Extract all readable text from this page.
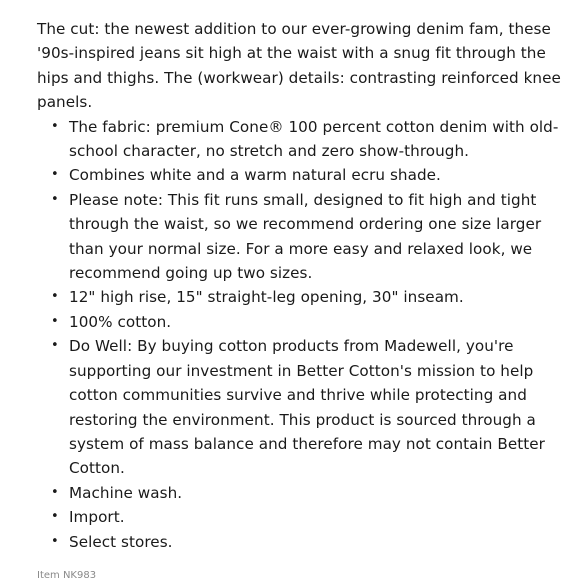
The cut: the newest addition to our ever-growing denim fam, these '90s-inspired jeans sit high at the waist with a snug fit through the hips and thighs. The (workwear) details: contrasting reinforced knee panels.

• The fabric: premium Cone® 100 percent cotton denim with old-school character, no stretch and zero show-through.
• Combines white and a warm natural ecru shade.
• Please note: This fit runs small, designed to fit high and tight through the waist, so we recommend ordering one size larger than your normal size. For a more easy and relaxed look, we recommend going up two sizes.
• 12" high rise, 15" straight-leg opening, 30" inseam.
• 100% cotton.
• Do Well: By buying cotton products from Madewell, you're supporting our investment in Better Cotton's mission to help cotton communities survive and thrive while protecting and restoring the environment. This product is sourced through a system of mass balance and therefore may not contain Better Cotton.
• Machine wash.
• Import.
• Select stores.
Item NK983
